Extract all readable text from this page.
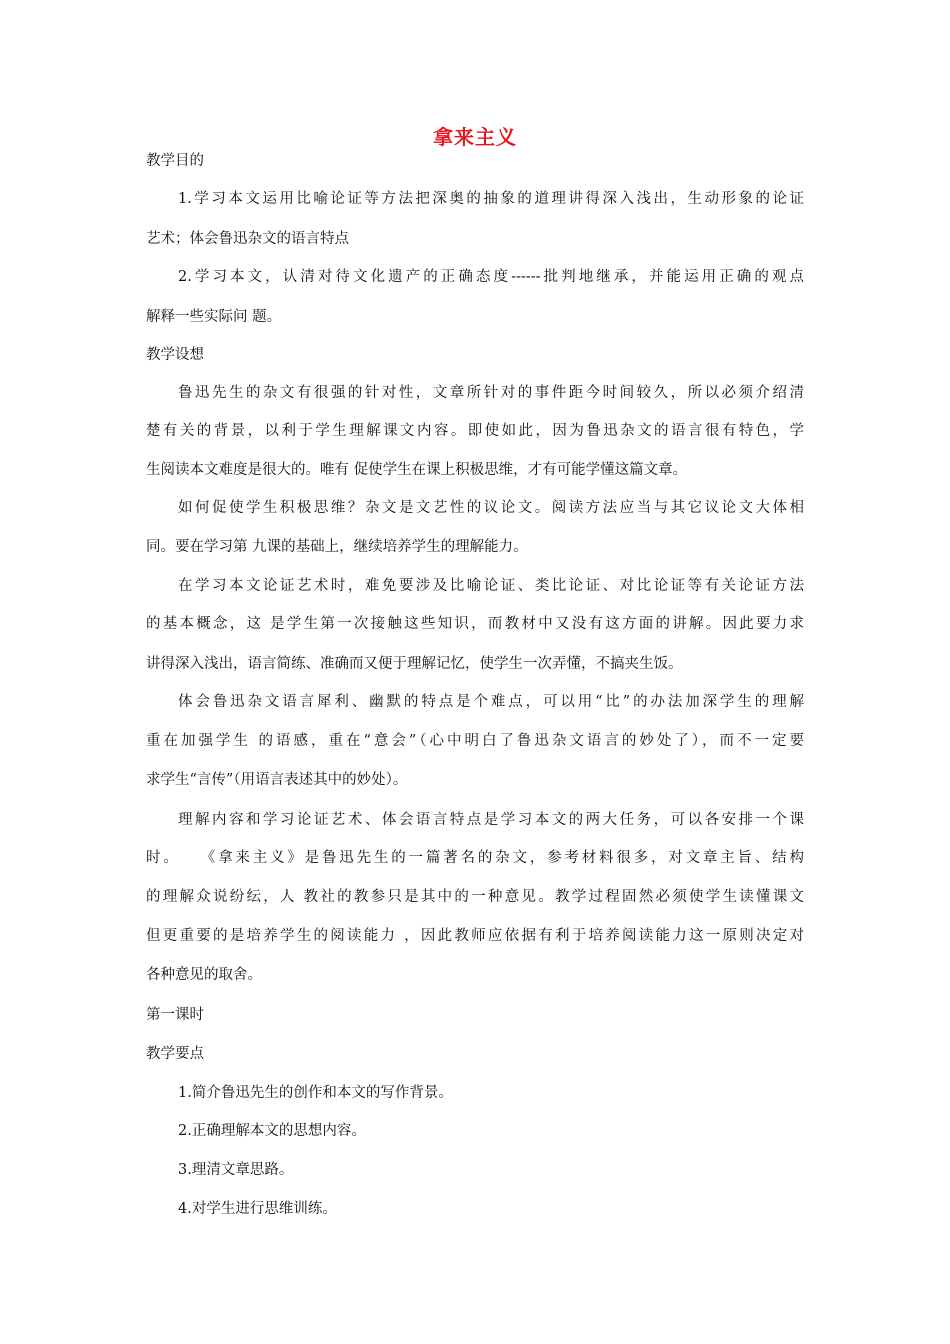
拿来主义
教学目的
1.学习本文运用比喻论证等方法把深奥的抽象的道理讲得深入浅出，生动形象的论证
艺术；体会鲁迅杂文的语言特点
2.学习本文，认清对待文化遗产的正确态度------批判地继承，并能运用正确的观点
解释一些实际问 题。
教学设想
鲁迅先生的杂文有很强的针对性，文章所针对的事件距今时间较久，所以必须介绍清
楚有关的背景，以利于学生理解课文内容。即使如此，因为鲁迅杂文的语言很有特色，学
生阅读本文难度是很大的。唯有 促使学生在课上积极思维，才有可能学懂这篇文章。
如何促使学生积极思维？杂文是文艺性的议论文。阅读方法应当与其它议论文大体相
同。要在学习第 九课的基础上，继续培养学生的理解能力。
在学习本文论证艺术时，难免要涉及比喻论证、类比论证、对比论证等有关论证方法
的基本概念，这 是学生第一次接触这些知识，而教材中又没有这方面的讲解。因此要力求
讲得深入浅出，语言简练、准确而又便于理解记忆，使学生一次弄懂，不搞夹生饭。
体会鲁迅杂文语言犀利、幽默的特点是个难点，可以用“比”的办法加深学生的理解
重在加强学生 的语感，重在“意会”（心中明白了鲁迅杂文语言的妙处了），而不一定要
求学生“言传”（用语言表述其中的妙处）。
理解内容和学习论证艺术、体会语言特点是学习本文的两大任务，可以各安排一个课
时。　　《拿来主义》是鲁迅先生的一篇著名的杂文，参考材料很多，对文章主旨、结构
的理解众说纷纭，人 教社的教参只是其中的一种意见。教学过程固然必须使学生读懂课文
但更重要的是培养学生的阅读能力 ，因此教师应依据有利于培养阅读能力这一原则决定对
各种意见的取舍。
第一课时
教学要点
1.简介鲁迅先生的创作和本文的写作背景。
2.正确理解本文的思想内容。
3.理清文章思路。
4.对学生进行思维训练。
